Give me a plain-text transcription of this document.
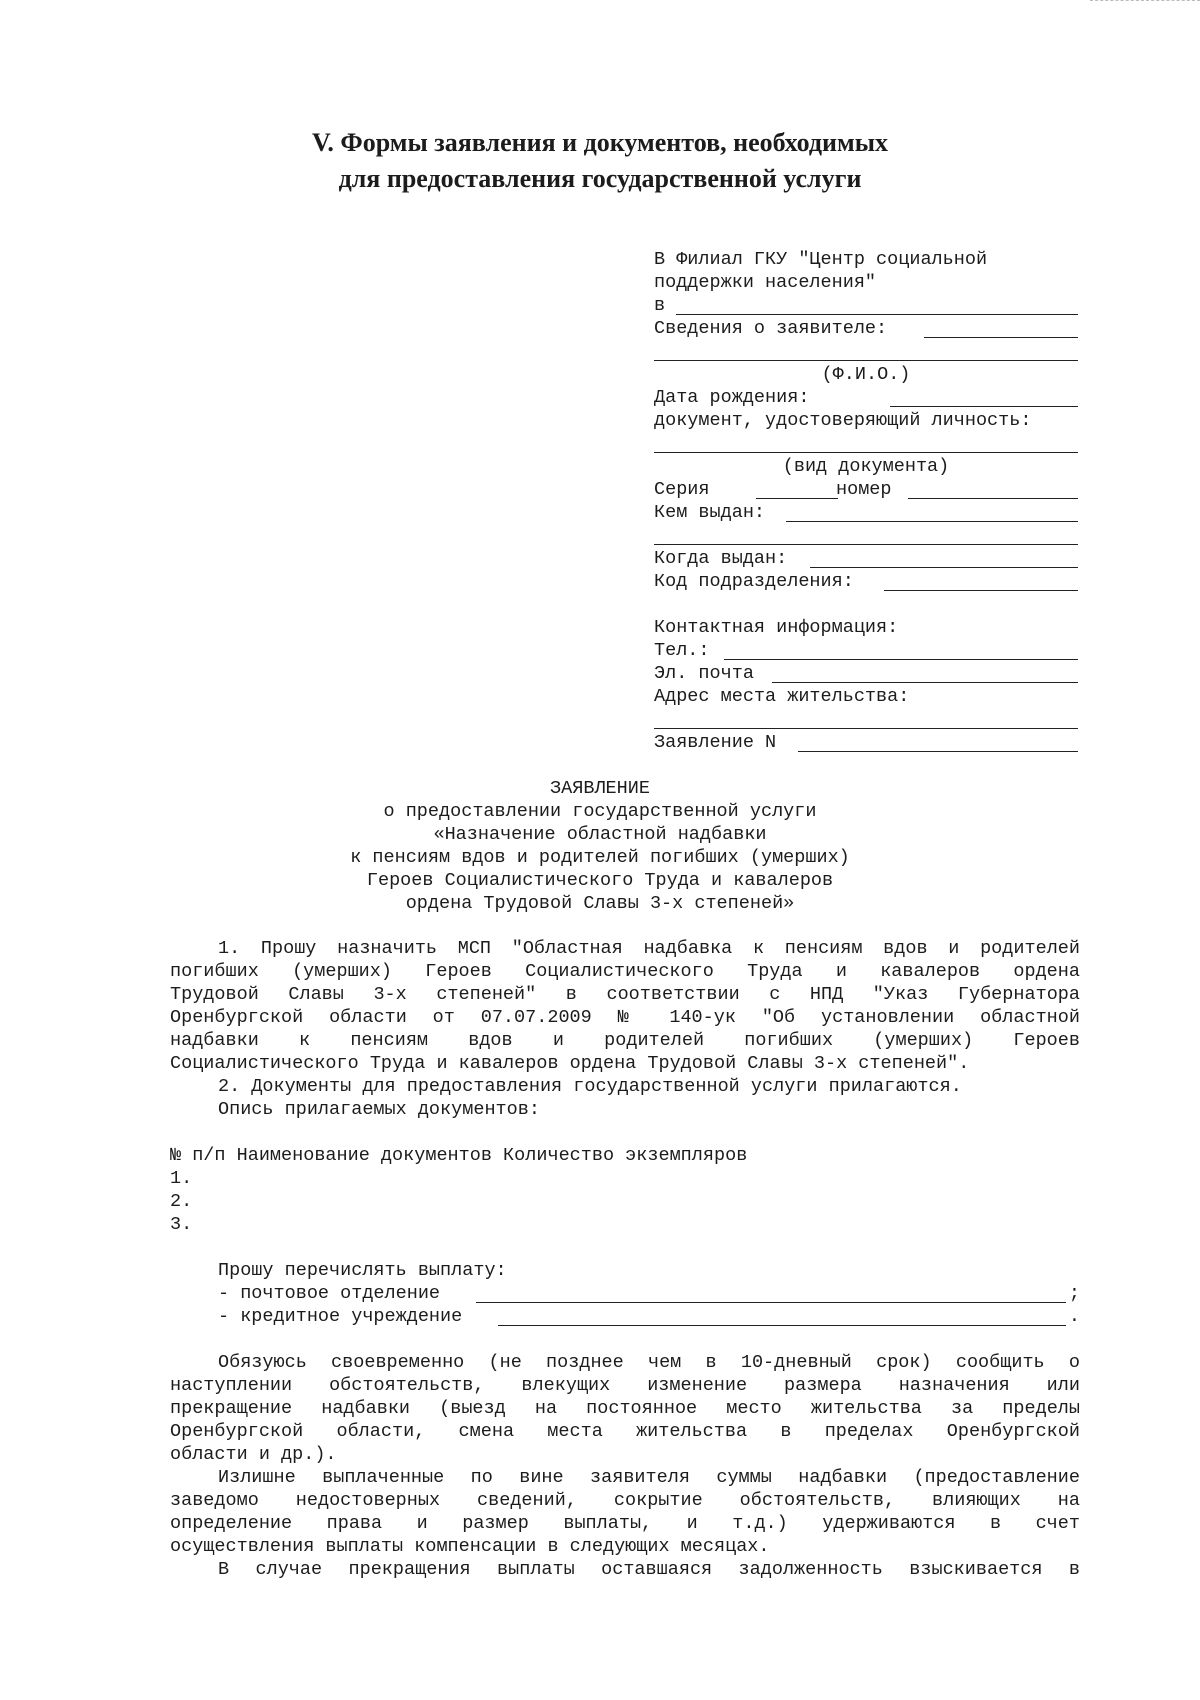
V. Формы заявления и документов, необходимых
для предоставления государственной услуги
В Филиал ГКУ "Центр социальной
поддержки населения"
в
Сведения о заявителе:
(Ф.И.О.)
Дата рождения:
документ, удостоверяющий личность:
(вид документа)
Серия	номер
Кем выдан:
Когда выдан:
Код подразделения:
Контактная информация:
Тел.:
Эл. почта
Адрес места жительства:
Заявление N
ЗАЯВЛЕНИЕ
о предоставлении государственной услуги
«Назначение областной надбавки
к пенсиям вдов и родителей погибших (умерших)
Героев Социалистического Труда и кавалеров
ордена Трудовой Славы 3-х степеней»
1. Прошу назначить МСП "Областная надбавка к пенсиям вдов и родителей
погибших (умерших) Героев Социалистического Труда и кавалеров ордена
Трудовой Славы 3-х степеней" в соответствии с НПД "Указ Губернатора
Оренбургской области от 07.07.2009 № 140-ук "Об установлении областной
надбавки к пенсиям вдов и родителей погибших (умерших) Героев
Социалистического Труда и кавалеров ордена Трудовой Славы 3-х степеней".
2. Документы для предоставления государственной услуги прилагаются.
Опись прилагаемых документов:
№ п/п Наименование документов Количество экземпляров
1.
2.
3.
Прошу перечислять выплату:
- почтовое отделение	;
- кредитное учреждение	.
Обязуюсь своевременно (не позднее чем в 10-дневный срок) сообщить о
наступлении обстоятельств, влекущих изменение размера назначения или
прекращение надбавки (выезд на постоянное место жительства за пределы
Оренбургской области, смена места жительства в пределах Оренбургской
области и др.).
Излишне выплаченные по вине заявителя суммы надбавки (предоставление
заведомо недостоверных сведений, сокрытие обстоятельств, влияющих на
определение права и размер выплаты, и т.д.) удерживаются в счет
осуществления выплаты компенсации в следующих месяцах.
В случае прекращения выплаты оставшаяся задолженность взыскивается в
